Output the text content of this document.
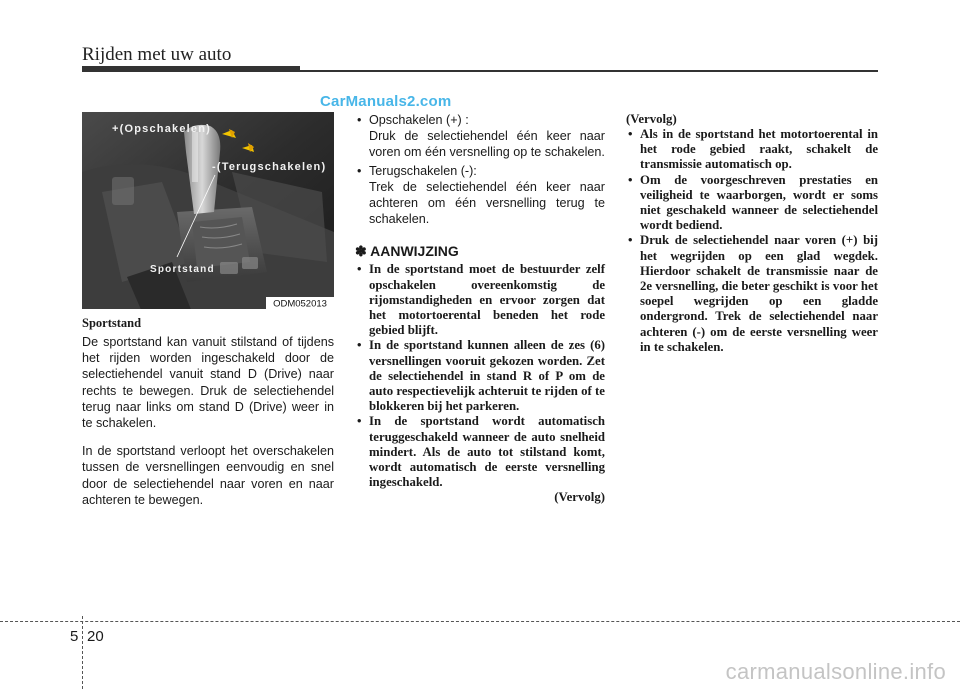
Rijden met uw auto
CarManuals2.com
+(Opschakelen)
-(Terugschakelen)
Sportstand
ODM052013
Sportstand

De sportstand kan vanuit stilstand of tijdens het rijden worden ingeschakeld door de selectiehendel vanuit stand D (Drive) naar rechts te bewegen. Druk de selectiehendel terug naar links om stand D (Drive) weer in te schakelen.

In de sportstand verloopt het overschakelen tussen de versnellingen eenvoudig en snel door de selectiehendel naar voren en naar achteren te bewegen.

• Opschakelen (+) :

Druk de selectiehendel één keer naar voren om één versnelling op te schakelen.

• Terugschakelen (-):

Trek de selectiehendel één keer naar achteren om één versnelling terug te schakelen.

✽ AANWIJZING

• In de sportstand moet de bestuurder zelf opschakelen overeenkomstig de rijomstandigheden en ervoor zorgen dat het motortoerental beneden het rode gebied blijft.

• In de sportstand kunnen alleen de zes (6) versnellingen vooruit gekozen worden. Zet de selectiehendel in stand R of P om de auto respectievelijk achteruit te rijden of te blokkeren bij het parkeren.

• In de sportstand wordt automatisch teruggeschakeld wanneer de auto snelheid mindert. Als de auto tot stilstand komt, wordt automatisch de eerste versnelling ingeschakeld.

(Vervolg)
(Vervolg)
• Als in de sportstand het motortoerental in het rode gebied raakt, schakelt de transmissie automatisch op.

• Om de voorgeschreven prestaties en veiligheid te waarborgen, wordt er soms niet geschakeld wanneer de selectiehendel wordt bediend.

• Druk de selectiehendel naar voren (+) bij het wegrijden op een glad wegdek. Hierdoor schakelt de transmissie naar de 2e versnelling, die beter geschikt is voor het soepel wegrijden op een gladde ondergrond. Trek de selectiehendel naar achteren (-) om de eerste versnelling weer in te schakelen.

5 20
carmanualsonline.info
